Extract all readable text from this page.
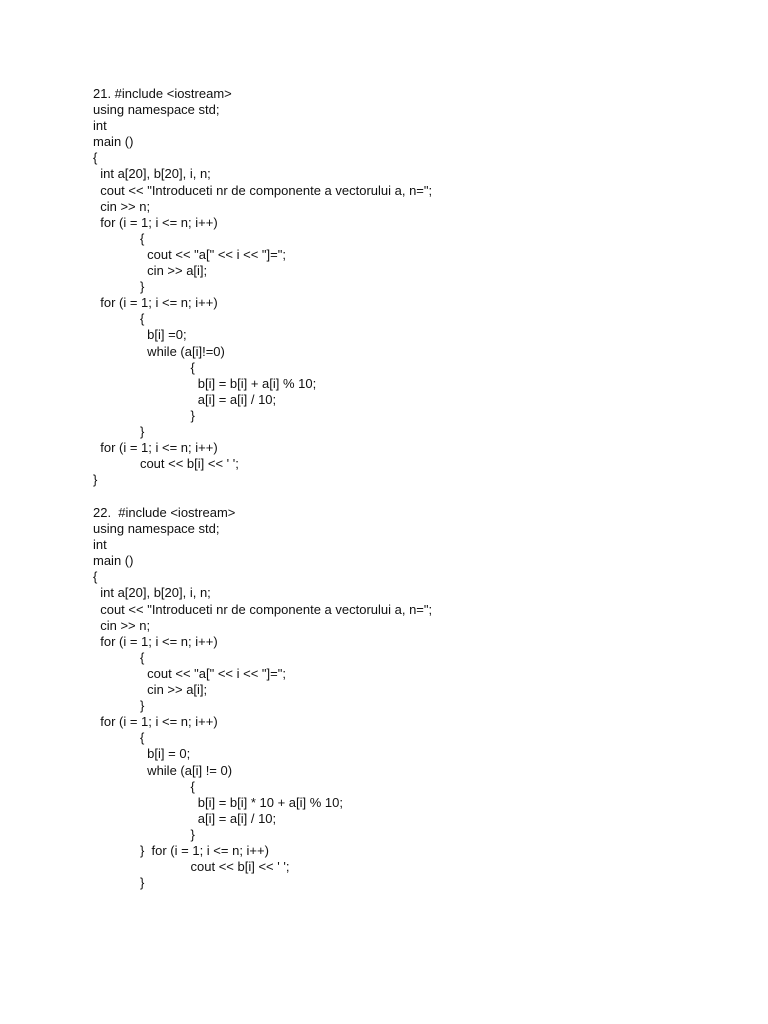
21. #include <iostream>
using namespace std;
int
main ()
{
int a[20], b[20], i, n;
cout << "Introduceti nr de componente a vectorului a, n=";
cin >> n;
for (i = 1; i <= n; i++)
{
cout << "a[" << i << "]=";
cin >> a[i];
}
for (i = 1; i <= n; i++)
{
b[i] =0;
while (a[i]!=0)
{
b[i] = b[i] + a[i] % 10;
a[i] = a[i] / 10;
}
}
for (i = 1; i <= n; i++)
cout << b[i] << ' ';
}
22.  #include <iostream>
using namespace std;
int
main ()
{
int a[20], b[20], i, n;
cout << "Introduceti nr de componente a vectorului a, n=";
cin >> n;
for (i = 1; i <= n; i++)
{
cout << "a[" << i << "]=";
cin >> a[i];
}
for (i = 1; i <= n; i++)
{
b[i] = 0;
while (a[i] != 0)
{
b[i] = b[i] * 10 + a[i] % 10;
a[i] = a[i] / 10;
}
}  for (i = 1; i <= n; i++)
cout << b[i] << ' ';
}
